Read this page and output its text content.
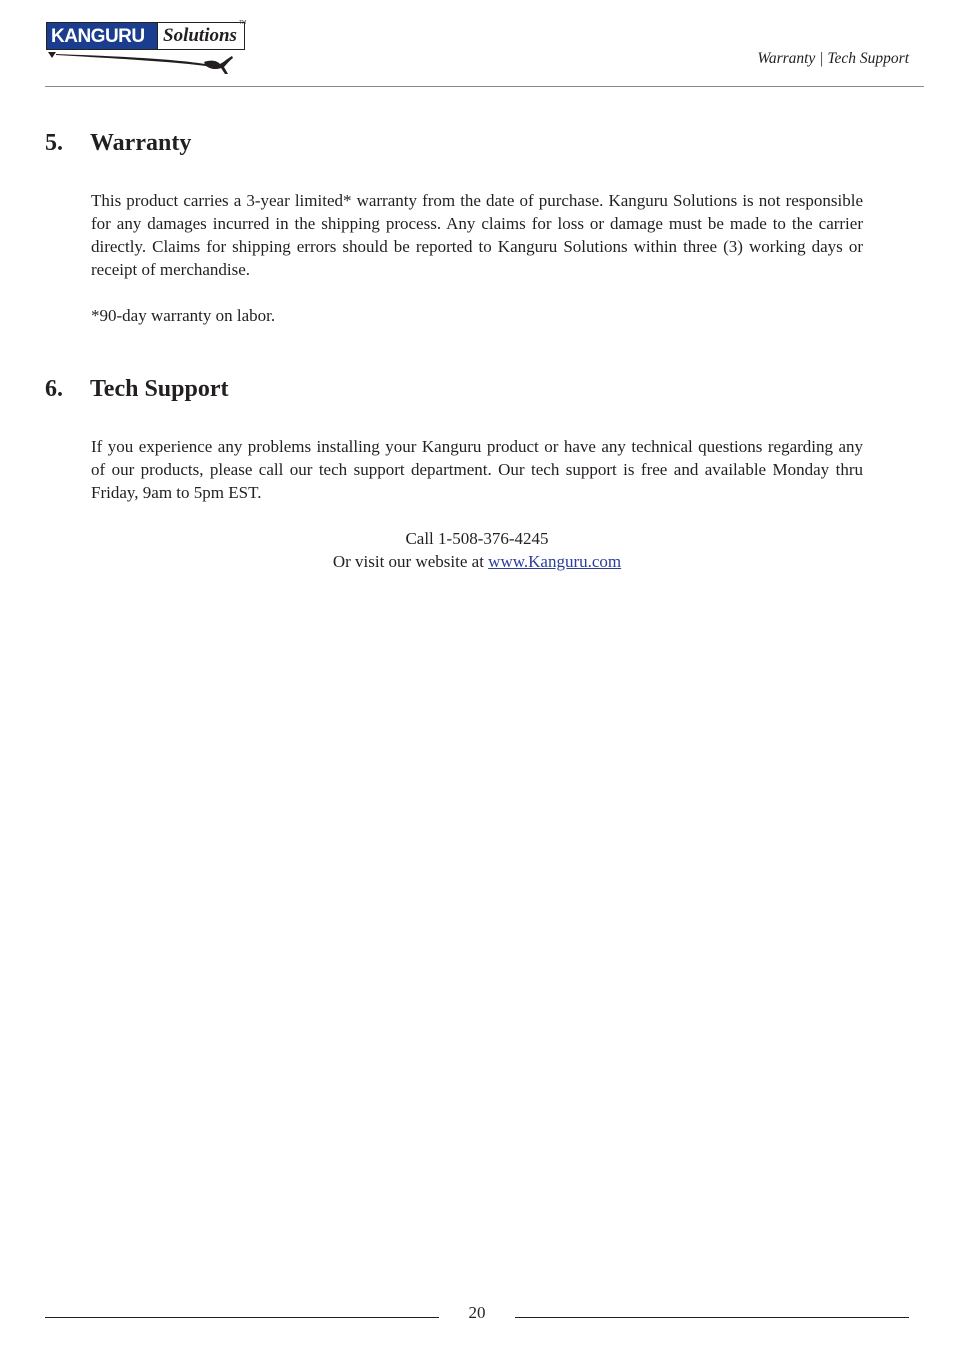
KANGURU Solutions
TM
Warranty | Tech Support
5. Warranty
This product carries a 3-year limited* warranty from the date of purchase. Kanguru Solutions is not responsible for any damages incurred in the shipping process. Any claims for loss or damage must be made to the carrier directly. Claims for shipping errors should be reported to Kanguru Solutions within three (3) working days or receipt of merchandise.
*90-day warranty on labor.
6. Tech Support
If you experience any problems installing your Kanguru product or have any technical questions regarding any of our products, please call our tech support department. Our tech support is free and available Monday thru Friday, 9am to 5pm EST.
Call 1-508-376-4245
Or visit our website at www.Kanguru.com
20
